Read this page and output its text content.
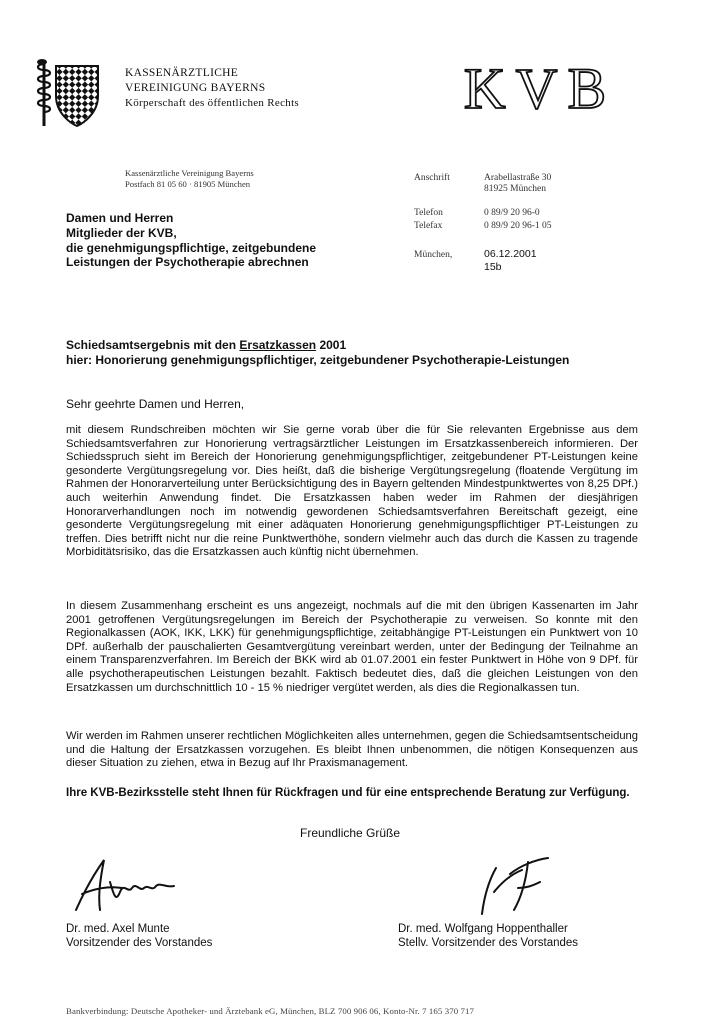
KASSENÄRZTLICHE
VEREINIGUNG BAYERNS
Körperschaft des öffentlichen Rechts	KVB
Kassenärztliche Vereinigung Bayerns
Postfach 81 05 60 · 81905 München
Damen und Herren
Mitglieder der KVB,
die genehmigungspflichtige, zeitgebundene
Leistungen der Psychotherapie abrechnen
Anschrift	Arabellastraße 30
81925 München
Telefon	0 89/9 20 96-0
Telefax	0 89/9 20 96-1 05
München,	06.12.2001
15b
Schiedsamtsergebnis mit den Ersatzkassen 2001
hier: Honorierung genehmigungspflichtiger, zeitgebundener Psychotherapie-Leistungen
Sehr geehrte Damen und Herren,
mit diesem Rundschreiben möchten wir Sie gerne vorab über die für Sie relevanten Ergebnisse aus dem Schiedsamtsverfahren zur Honorierung vertragsärztlicher Leistungen im Ersatzkassenbereich informieren. Der Schiedsspruch sieht im Bereich der Honorierung genehmigungspflichtiger, zeitgebundener PT-Leistungen keine gesonderte Vergütungsregelung vor. Dies heißt, daß die bisherige Vergütungsregelung (floatende Vergütung im Rahmen der Honorarverteilung unter Berücksichtigung des in Bayern geltenden Mindestpunktwertes von 8,25 DPf.) auch weiterhin Anwendung findet. Die Ersatzkassen haben weder im Rahmen der diesjährigen Honorarverhandlungen noch im notwendig gewordenen Schiedsamtsverfahren Bereitschaft gezeigt, eine gesonderte Vergütungsregelung mit einer adäquaten Honorierung genehmigungspflichtiger PT-Leistungen zu treffen. Dies betrifft nicht nur die reine Punktwerthöhe, sondern vielmehr auch das durch die Kassen zu tragende Morbiditätsrisiko, das die Ersatzkassen auch künftig nicht übernehmen.
In diesem Zusammenhang erscheint es uns angezeigt, nochmals auf die mit den übrigen Kassenarten im Jahr 2001 getroffenen Vergütungsregelungen im Bereich der Psychotherapie zu verweisen. So konnte mit den Regionalkassen (AOK, IKK, LKK) für genehmigungspflichtige, zeitabhängige PT-Leistungen ein Punktwert von 10 DPf. außerhalb der pauschalierten Gesamtvergütung vereinbart werden, unter der Bedingung der Teilnahme an einem Transparenzverfahren. Im Bereich der BKK wird ab 01.07.2001 ein fester Punktwert in Höhe von 9 DPf. für alle psychotherapeutischen Leistungen bezahlt. Faktisch bedeutet dies, daß die gleichen Leistungen von den Ersatzkassen um durchschnittlich 10 - 15 % niedriger vergütet werden, als dies die Regionalkassen tun.
Wir werden im Rahmen unserer rechtlichen Möglichkeiten alles unternehmen, gegen die Schiedsamtsentscheidung und die Haltung der Ersatzkassen vorzugehen. Es bleibt Ihnen unbenommen, die nötigen Konsequenzen aus dieser Situation zu ziehen, etwa in Bezug auf Ihr Praxismanagement.
Ihre KVB-Bezirksstelle steht Ihnen für Rückfragen und für eine entsprechende Beratung zur Verfügung.
Freundliche Grüße
Dr. med. Axel Munte
Vorsitzender des Vorstandes
Dr. med. Wolfgang Hoppenthaller
Stellv. Vorsitzender des Vorstandes
Bankverbindung: Deutsche Apotheker- und Ärztebank eG, München, BLZ 700 906 06, Konto-Nr. 7 165 370 717
